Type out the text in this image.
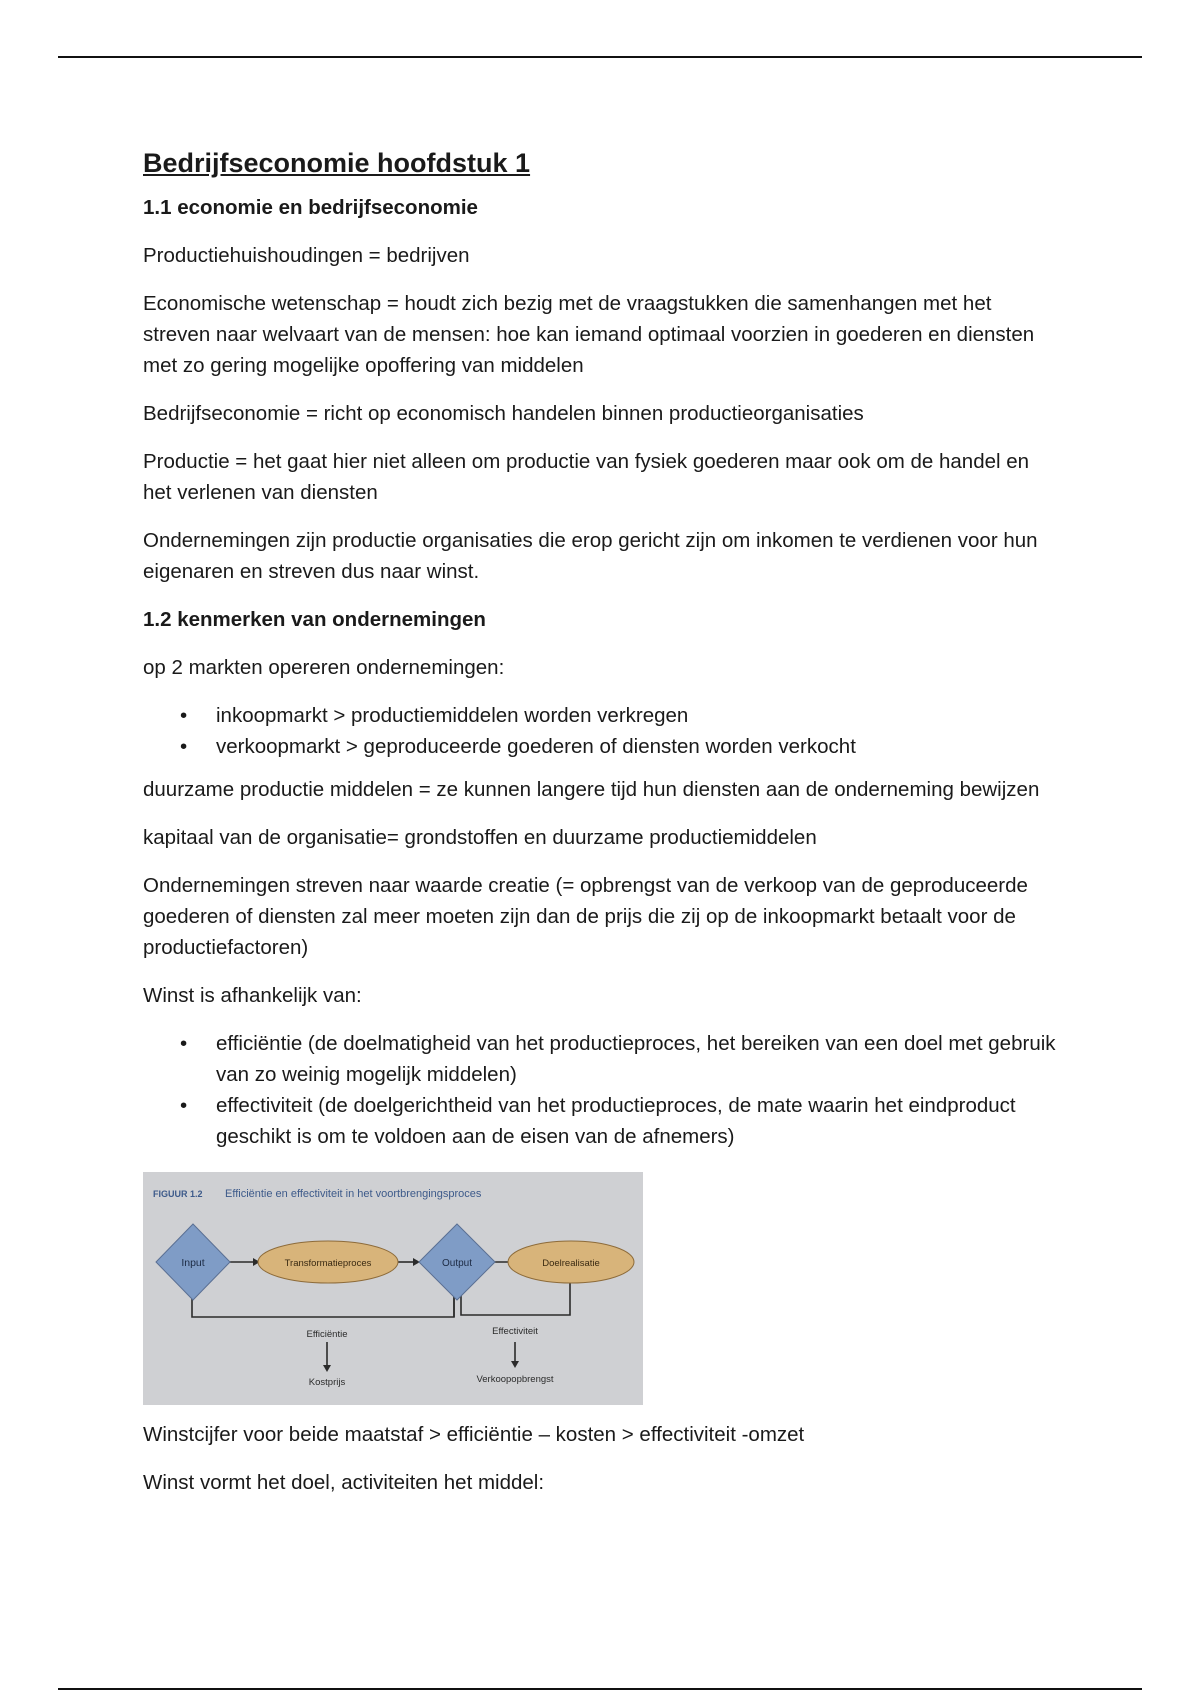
Bedrijfseconomie hoofdstuk 1
1.1 economie en bedrijfseconomie
Productiehuishoudingen = bedrijven
Economische wetenschap = houdt zich bezig met de vraagstukken die samenhangen met het streven naar welvaart van de mensen: hoe kan iemand optimaal voorzien in goederen en diensten met zo gering mogelijke opoffering van middelen
Bedrijfseconomie = richt op economisch handelen binnen productieorganisaties
Productie = het gaat hier niet alleen om productie van fysiek goederen maar ook om de handel en het verlenen van diensten
Ondernemingen zijn productie organisaties die erop gericht zijn om inkomen te verdienen voor hun eigenaren en streven dus naar winst.
1.2 kenmerken van ondernemingen
op 2 markten opereren ondernemingen:
• inkoopmarkt > productiemiddelen worden verkregen
• verkoopmarkt > geproduceerde goederen of diensten worden verkocht
duurzame productie middelen = ze kunnen langere tijd hun diensten aan de onderneming bewijzen
kapitaal van de organisatie= grondstoffen en duurzame productiemiddelen
Ondernemingen streven naar waarde creatie (= opbrengst van de verkoop van de geproduceerde goederen of diensten zal meer moeten zijn dan de prijs die zij op de inkoopmarkt betaalt voor de productiefactoren)
Winst is afhankelijk van:
• efficiëntie (de doelmatigheid van het productieproces, het bereiken van een doel met gebruik van zo weinig mogelijk middelen)
• effectiviteit (de doelgerichtheid van het productieproces, de mate waarin het eindproduct geschikt is om te voldoen aan de eisen van de afnemers)
FIGUUR 1.2 Efficiëntie en effectiviteit in het voortbrengingsproces
Input	Transformatieproces	Output	Doelrealisatie
Efficiëntie
Kostprijs
Effectiviteit
Verkoopopbrengst
Winstcijfer voor beide maatstaf > efficiëntie – kosten > effectiviteit -omzet
Winst vormt het doel, activiteiten het middel:
